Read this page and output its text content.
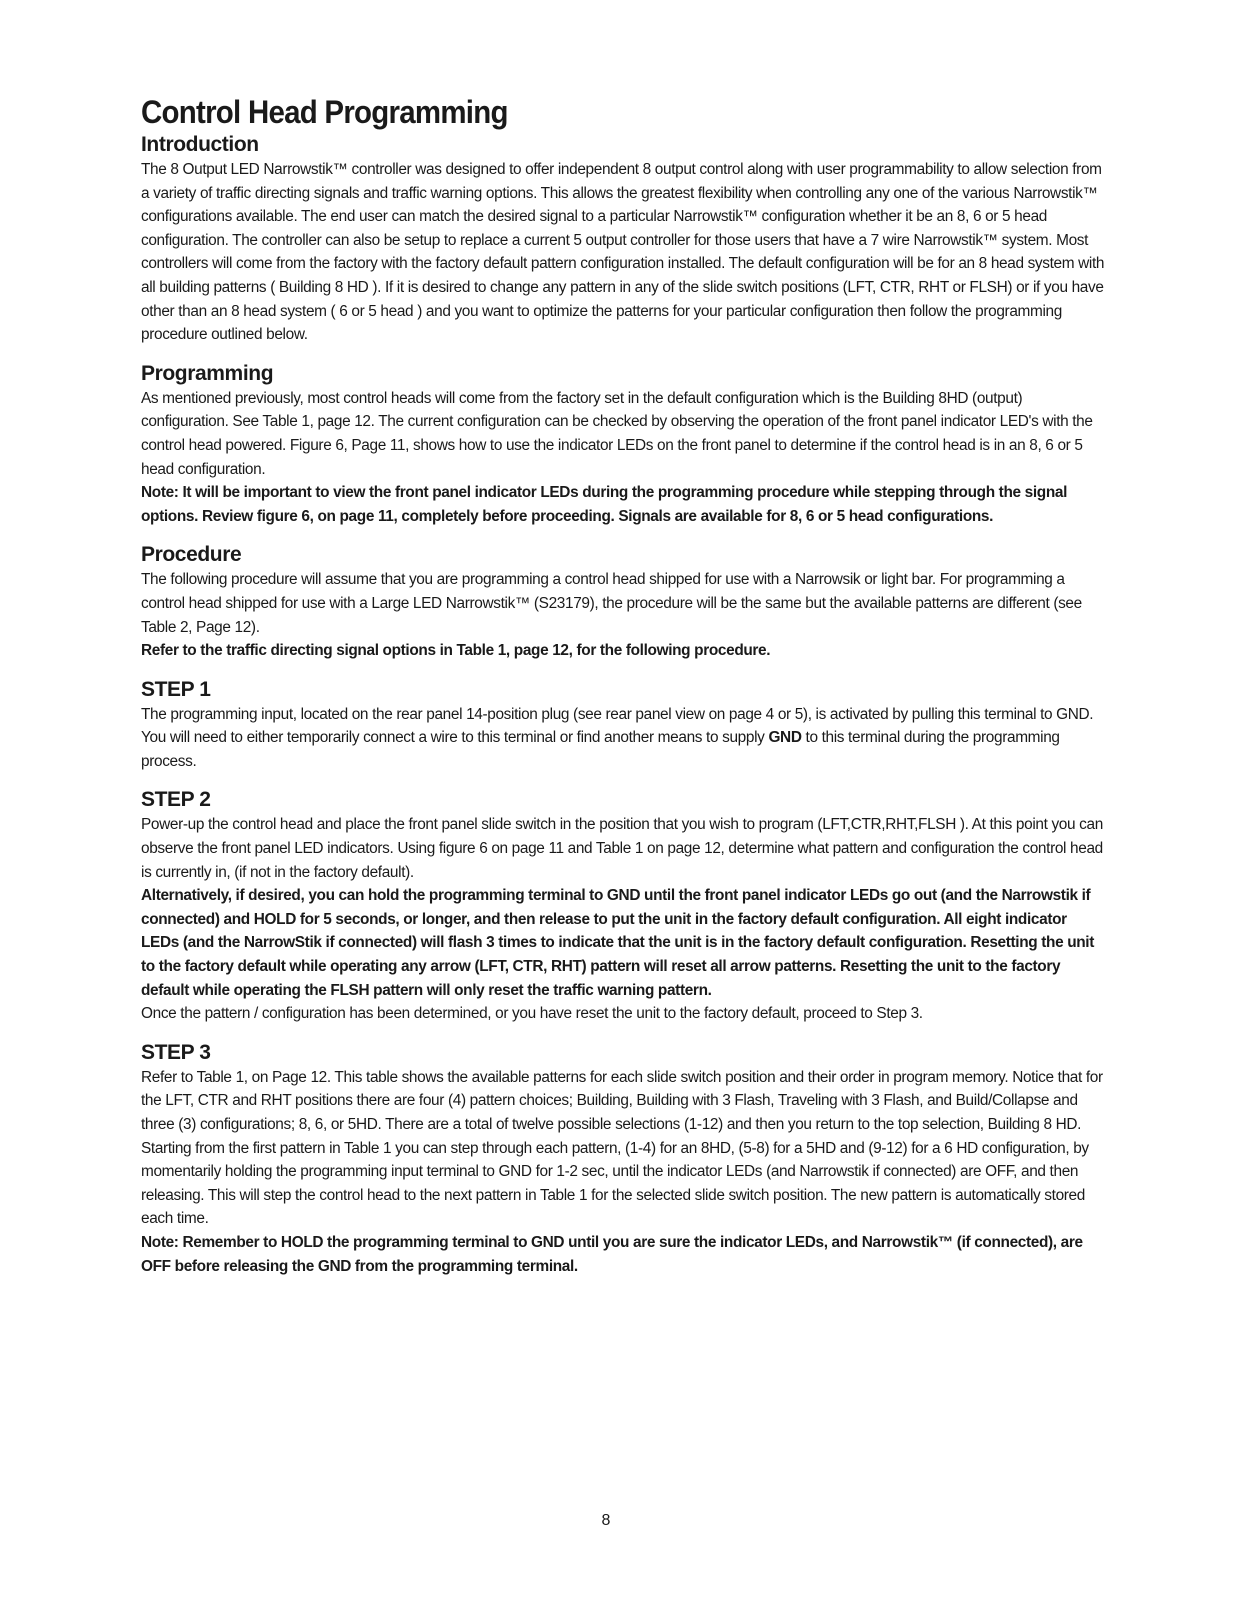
Control Head Programming
Introduction

The 8 Output LED Narrowstik™ controller was designed to offer independent 8 output control along with user programmability to allow selection from a variety of traffic directing signals and traffic warning options. This allows the greatest flexibility when controlling any one of the various Narrowstik™ configurations available. The end user can match the desired signal to a particular Narrowstik™ configuration whether it be an 8, 6 or 5 head configuration. The controller can also be setup to replace a current 5 output controller for those users that have a 7 wire Narrowstik™ system. Most controllers will come from the factory with the factory default pattern configuration installed. The default configuration will be for an 8 head system with all building patterns ( Building 8 HD ). If it is desired to change any pattern in any of the slide switch positions (LFT, CTR, RHT or FLSH) or if you have other than an 8 head system ( 6 or 5 head ) and you want to optimize the patterns for your particular configuration then follow the programming procedure outlined below.

Programming

As mentioned previously, most control heads will come from the factory set in the default configuration which is the Building 8HD (output) configuration. See Table 1, page 12. The current configuration can be checked by observing the operation of the front panel indicator LED's with the control head powered. Figure 6, Page 11, shows how to use the indicator LEDs on the front panel to determine if the control head is in an 8, 6 or 5 head configuration.

Note: It will be important to view the front panel indicator LEDs during the programming procedure while stepping through the signal options. Review figure 6, on page 11, completely before proceeding. Signals are available for 8, 6 or 5 head configurations.

Procedure

The following procedure will assume that you are programming a control head shipped for use with a Narrowsik or light bar. For programming a control head shipped for use with a Large LED Narrowstik™ (S23179), the procedure will be the same but the available patterns are different (see Table 2, Page 12).

Refer to the traffic directing signal options in Table 1, page 12, for the following procedure.

STEP 1

The programming input, located on the rear panel 14-position plug (see rear panel view on page 4 or 5), is activated by pulling this terminal to GND. You will need to either temporarily connect a wire to this terminal or find another means to supply GND to this terminal during the programming process.

STEP 2

Power-up the control head and place the front panel slide switch in the position that you wish to program (LFT,CTR,RHT,FLSH ). At this point you can observe the front panel LED indicators. Using figure 6 on page 11 and Table 1 on page 12, determine what pattern and configuration the control head is currently in, (if not in the factory default).

Alternatively, if desired, you can hold the programming terminal to GND until the front panel indicator LEDs go out (and the Narrowstik if connected) and HOLD for 5 seconds, or longer, and then release to put the unit in the factory default configuration. All eight indicator LEDs (and the NarrowStik if connected) will flash 3 times to indicate that the unit is in the factory default configuration. Resetting the unit to the factory default while operating any arrow (LFT, CTR, RHT) pattern will reset all arrow patterns. Resetting the unit to the factory default while operating the FLSH pattern will only reset the traffic warning pattern.

Once the pattern / configuration has been determined, or you have reset the unit to the factory default, proceed to Step 3.

STEP 3

Refer to Table 1, on Page 12. This table shows the available patterns for each slide switch position and their order in program memory. Notice that for the LFT, CTR and RHT positions there are four (4) pattern choices; Building, Building with 3 Flash, Traveling with 3 Flash, and Build/Collapse and three (3) configurations; 8, 6, or 5HD. There are a total of twelve possible selections (1-12) and then you return to the top selection, Building 8 HD. Starting from the first pattern in Table 1 you can step through each pattern, (1-4) for an 8HD, (5-8) for a 5HD and (9-12) for a 6 HD configuration, by momentarily holding the programming input terminal to GND for 1-2 sec, until the indicator LEDs (and Narrowstik if connected) are OFF, and then releasing. This will step the control head to the next pattern in Table 1 for the selected slide switch position. The new pattern is automatically stored each time.

Note: Remember to HOLD the programming terminal to GND until you are sure the indicator LEDs, and Narrowstik™ (if connected), are OFF before releasing the GND from the programming terminal.

8
